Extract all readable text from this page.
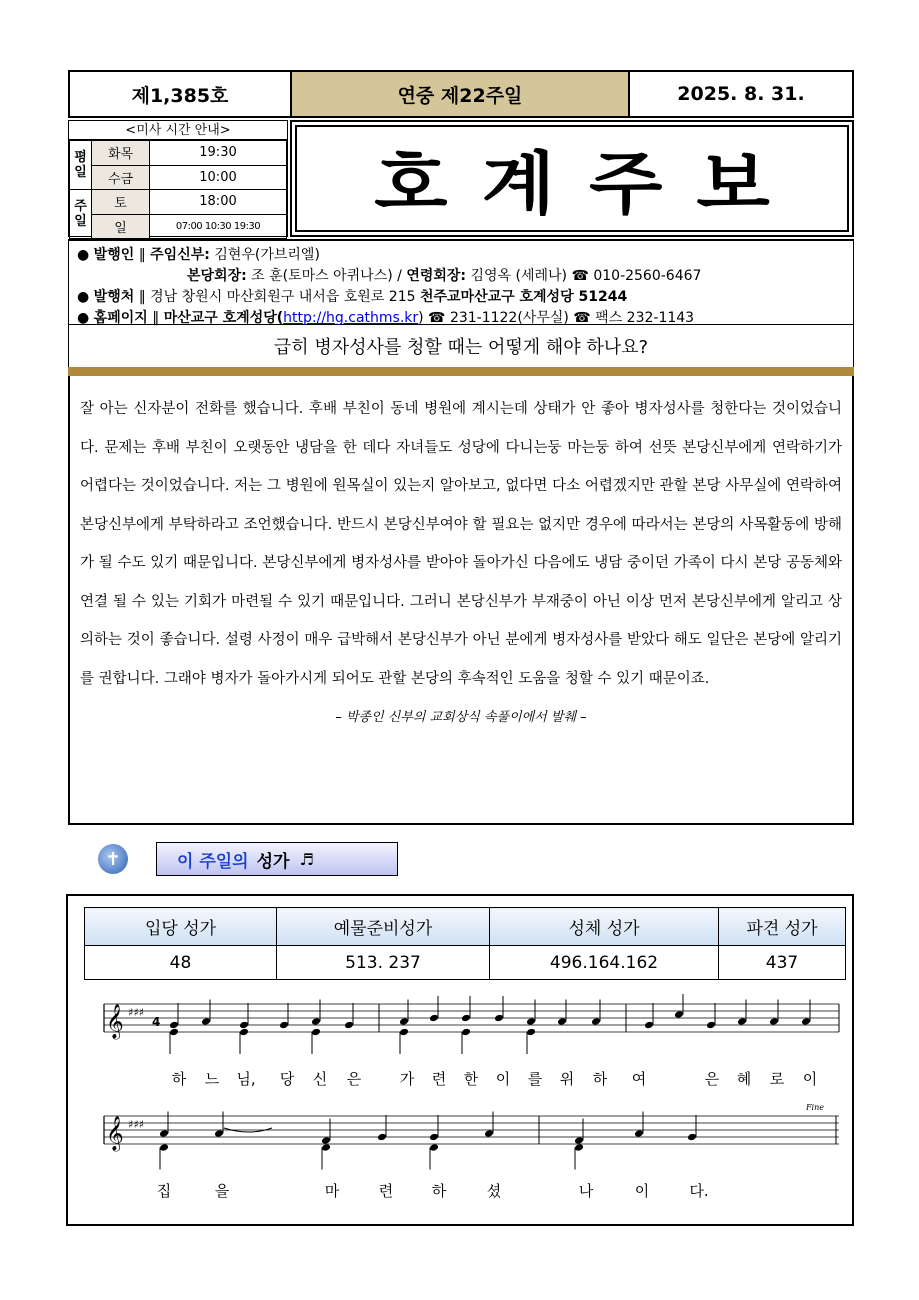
제1,385호	연중 제22주일	2025. 8. 31.
<미사 시간 안내>
평일	화목	19:30
	수금	10:00
주일	토	18:00
	일	07:00 10:30 19:30
호계주보
● 발행인 ‖ 주임신부: 김현우(가브리엘)
본당회장: 조 훈(토마스 아퀴나스) / 연령회장: 김영옥 (세레나) ☎ 010-2560-6467
● 발행처 ‖ 경남 창원시 마산회원구 내서읍 호원로 215 천주교마산교구 호계성당 51244
● 홈페이지 ‖ 마산교구 호계성당(http://hg.cathms.kr) ☎ 231-1122(사무실) ☎ 팩스 232-1143
급히 병자성사를 청할 때는 어떻게 해야 하나요?

잘 아는 신자분이 전화를 했습니다. 후배 부친이 동네 병원에 계시는데 상태가 안 좋아 병자성사를 청한다는 것이었습니다. 문제는 후배 부친이 오랫동안 냉담을 한 데다 자녀들도 성당에 다니는둥 마는둥 하여 선뜻 본당신부에게 연락하기가 어렵다는 것이었습니다. 저는 그 병원에 원목실이 있는지 알아보고, 없다면 다소 어렵겠지만 관할 본당 사무실에 연락하여 본당신부에게 부탁하라고 조언했습니다. 반드시 본당신부여야 할 필요는 없지만 경우에 따라서는 본당의 사목활동에 방해가 될 수도 있기 때문입니다. 본당신부에게 병자성사를 받아야 돌아가신 다음에도 냉담 중이던 가족이 다시 본당 공동체와 연결 될 수 있는 기회가 마련될 수 있기 때문입니다. 그러니 본당신부가 부재중이 아닌 이상 먼저 본당신부에게 알리고 상의하는 것이 좋습니다. 설령 사정이 매우 급박해서 본당신부가 아닌 분에게 병자성사를 받았다 해도 일단은 본당에 알리기를 권합니다. 그래야 병자가 돌아가시게 되어도 관할 본당의 후속적인 도움을 청할 수 있기 때문이죠.

– 박종인 신부의 교회상식 속풀이에서 발췌 –

✝	이 주일의 성가 ♬
입당 성가	예물준비성가	성체 성가	파견 성가
48	513. 237	496.164.162	437
𝄞 ♯♯♯
4
𝄞 ♯♯♯
Fine
하 느 님, 당 신 은	가 련 한 이 를 위 하 여	은 혜 로 이
집	을	마	련	하	셨	나	이	다.
